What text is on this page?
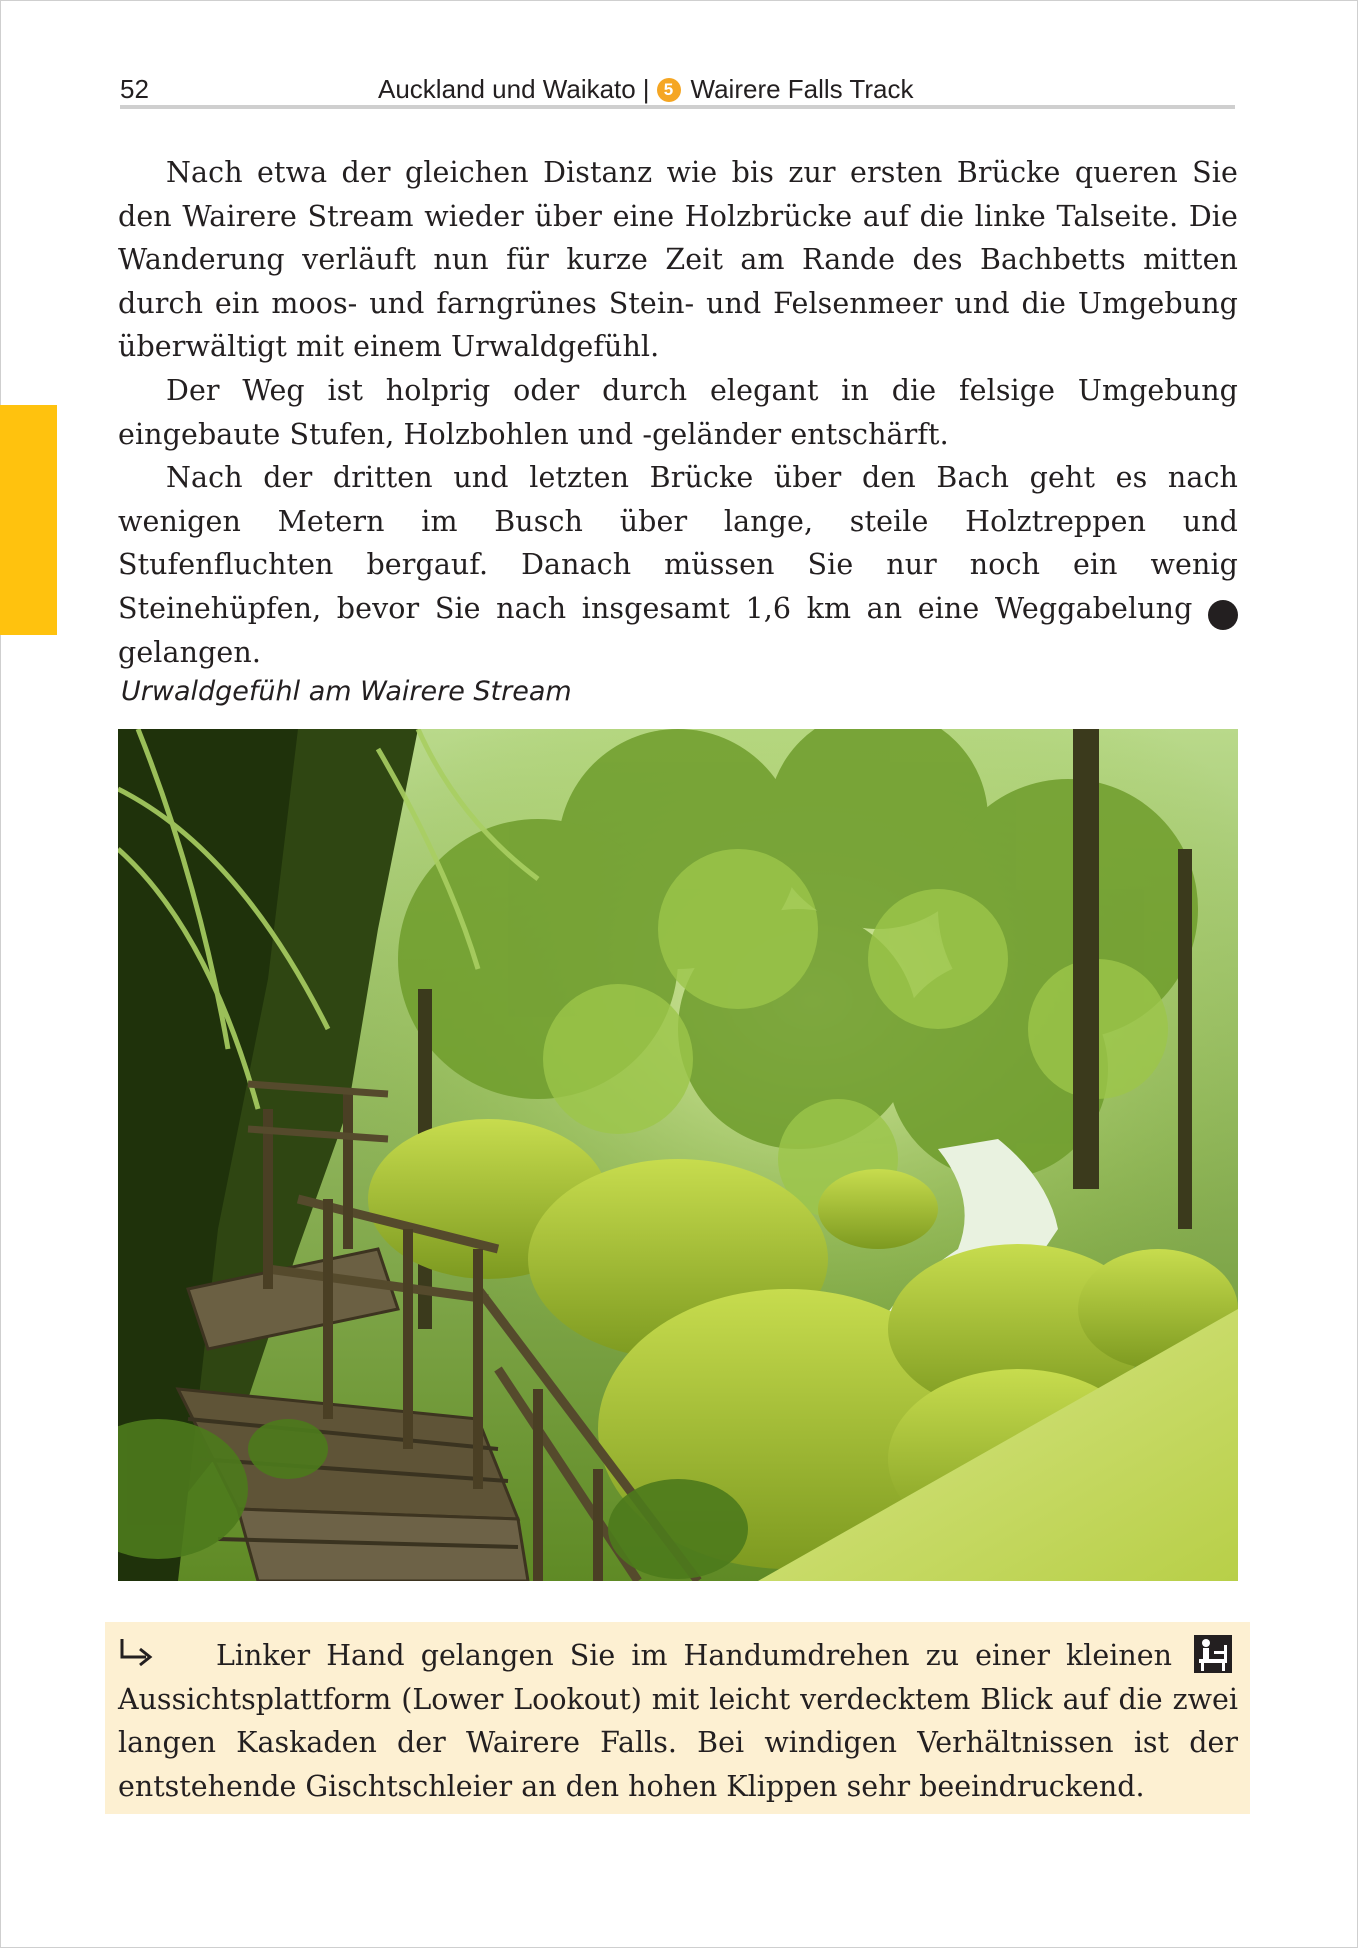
52	Auckland und Waikato | 5 Wairere Falls Track

Nach etwa der gleichen Distanz wie bis zur ersten Brücke queren Sie den Wairere Stream wieder über eine Holzbrücke auf die linke Talseite. Die Wanderung verläuft nun für kurze Zeit am Rande des Bachbetts mitten durch ein moos- und farngrünes Stein- und Felsenmeer und die Umgebung überwältigt mit einem Urwaldgefühl.

Der Weg ist holprig oder durch elegant in die felsige Umgebung eingebaute Stufen, Holzbohlen und -geländer entschärft.

Nach der dritten und letzten Brücke über den Bach geht es nach wenigen Metern im Busch über lange, steile Holztreppen und Stufenfluchten bergauf. Danach müssen Sie nur noch ein wenig Steinehüpfen, bevor Sie nach insgesamt 1,6 km an eine Weggabelung 2 gelangen.

Urwaldgefühl am Wairere Stream
Linker Hand gelangen Sie im Handumdrehen zu einer kleinen Aussichtsplattform (Lower Lookout) mit leicht verdecktem Blick auf die zwei langen Kaskaden der Wairere Falls. Bei windigen Verhältnissen ist der entstehende Gischtschleier an den hohen Klippen sehr beeindruckend.
